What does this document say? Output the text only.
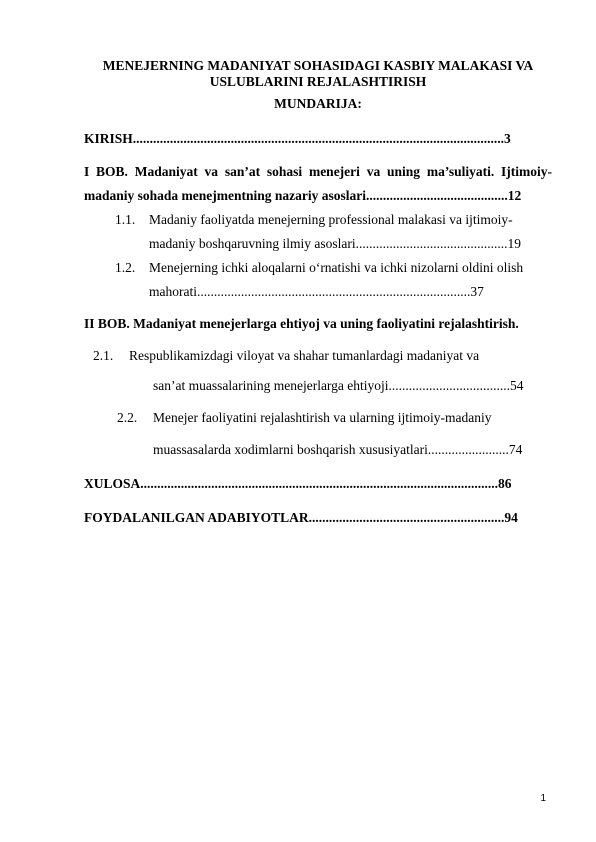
MENEJERNING MADANIYAT SOHASIDAGI KASBIY MALAKASI VA
USLUBLARINI REJALASHTIRISH
MUNDARIJA:
KIRISH..............................................................................................................3
I BOB. Madaniyat va san’at sohasi menejeri va uning ma’suliyati. Ijtimoiy-
madaniy sohada menejmentning nazariy asoslari..........................................12
1.1. Madaniy faoliyatda menejerning professional malakasi va ijtimoiy-
madaniy boshqaruvning ilmiy asoslari.............................................19
1.2. Menejerning ichki aloqalarni o‘rnatishi va ichki nizolarni oldini olish
mahorati.................................................................................37
II BOB. Madaniyat menejerlarga ehtiyoj va uning faoliyatini rejalashtirish.
2.1. Respublikamizdagi viloyat va shahar tumanlardagi madaniyat va
san’at muassalarining menejerlarga ehtiyoji....................................54
2.2. Menejer faoliyatini rejalashtirish va ularning ijtimoiy-madaniy
muassasalarda xodimlarni boshqarish xususiyatlari........................74
XULOSA..........................................................................................................86
FOYDALANILGAN ADABIYOTLAR..........................................................94
1
